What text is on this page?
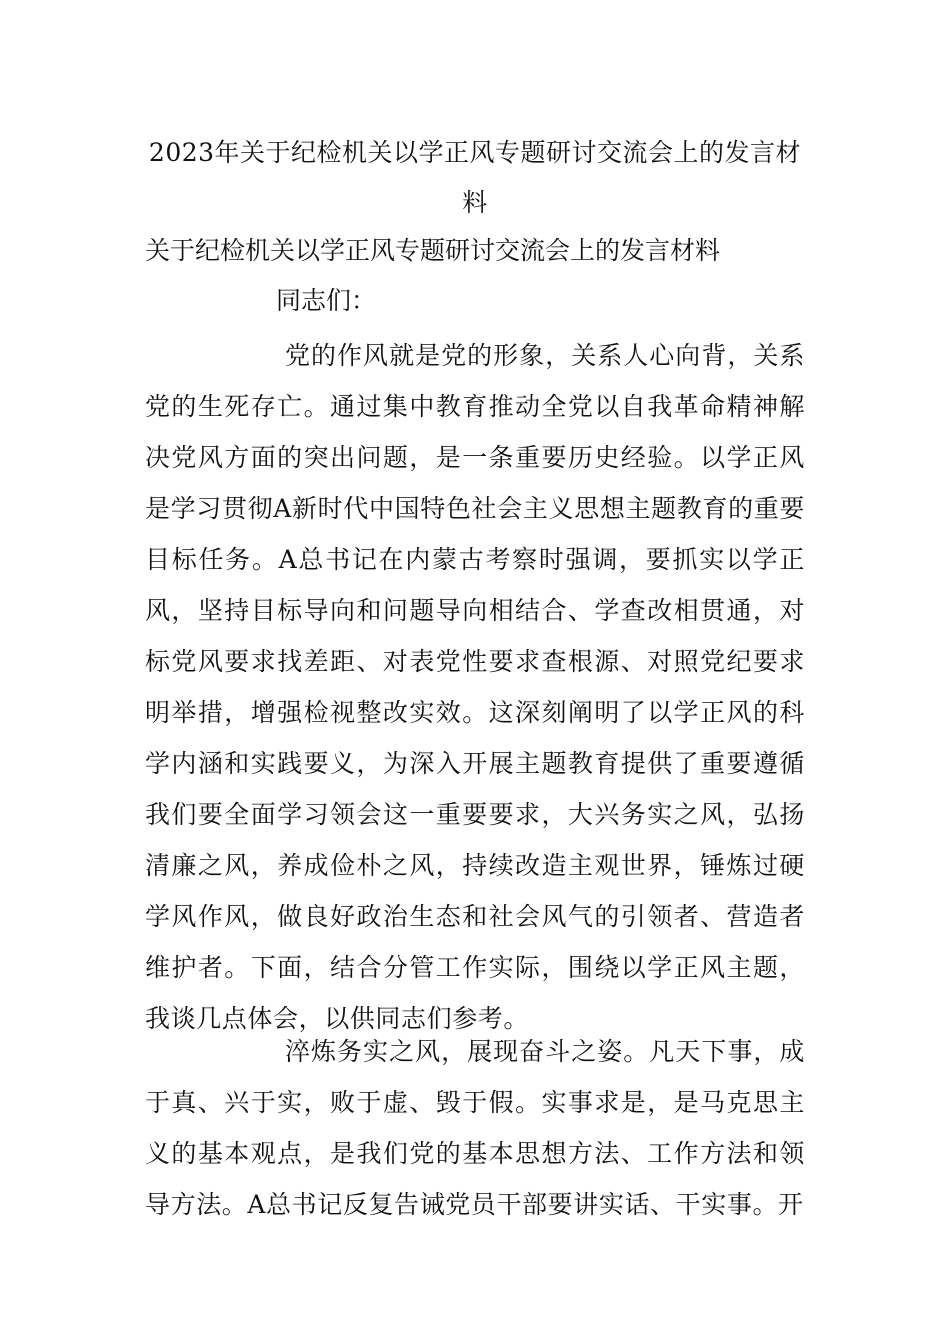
2023年关于纪检机关以学正风专题研讨交流会上的发言材料

关于纪检机关以学正风专题研讨交流会上的发言材料

同志们：

党的作风就是党的形象，关系人心向背，关系党的生死存亡。通过集中教育推动全党以自我革命精神解决党风方面的突出问题，是一条重要历史经验。以学正风是学习贯彻A新时代中国特色社会主义思想主题教育的重要目标任务。A总书记在内蒙古考察时强调，要抓实以学正风，坚持目标导向和问题导向相结合、学查改相贯通，对标党风要求找差距、对表党性要求查根源、对照党纪要求明举措，增强检视整改实效。这深刻阐明了以学正风的科学内涵和实践要义，为深入开展主题教育提供了重要遵循我们要全面学习领会这一重要要求，大兴务实之风，弘扬清廉之风，养成俭朴之风，持续改造主观世界，锤炼过硬学风作风，做良好政治生态和社会风气的引领者、营造者维护者。下面，结合分管工作实际，围绕以学正风主题，我谈几点体会，以供同志们参考。

淬炼务实之风，展现奋斗之姿。凡天下事，成于真、兴于实，败于虚、毁于假。实事求是，是马克思主义的基本观点，是我们党的基本思想方法、工作方法和领导方法。A总书记反复告诫党员干部要讲实话、干实事。开
